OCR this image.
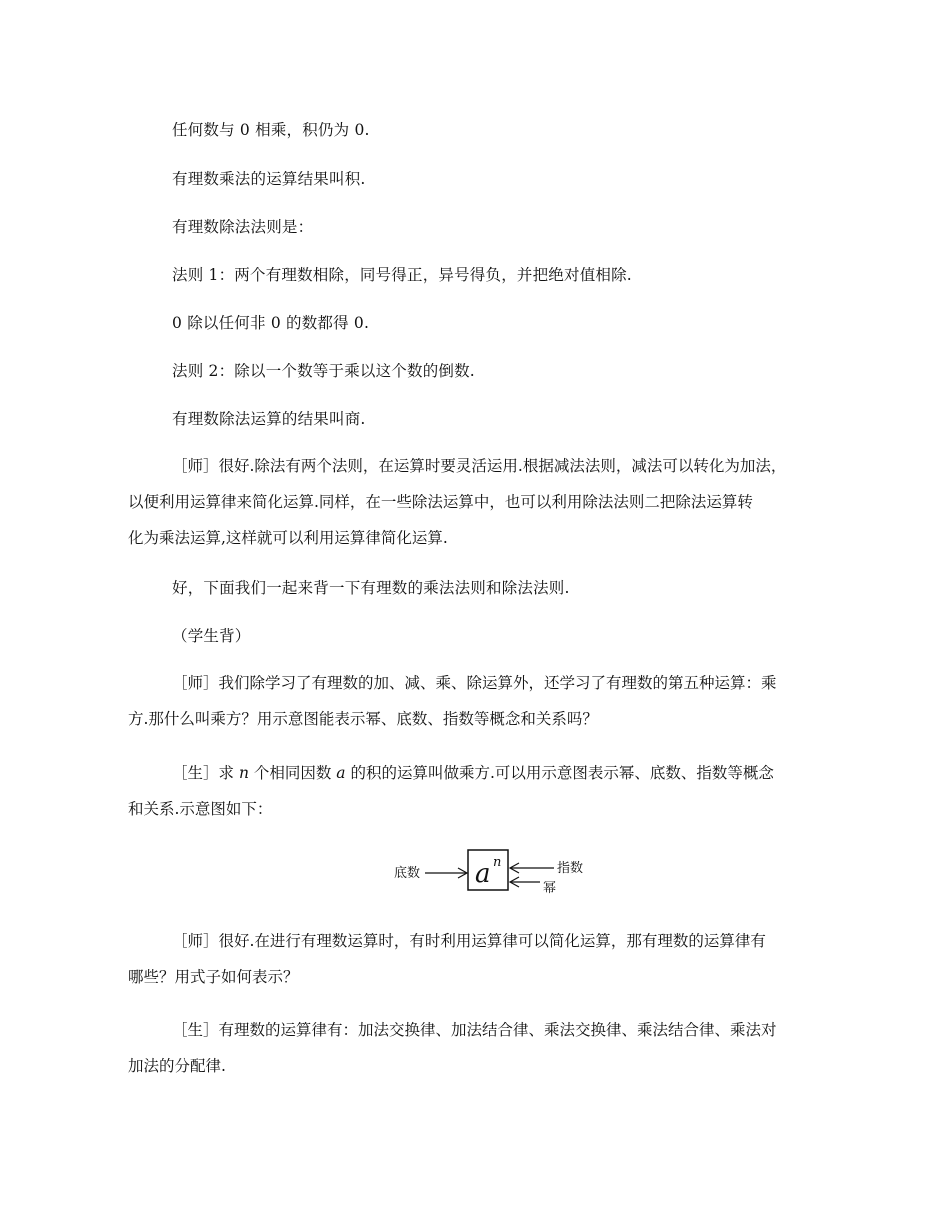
任何数与 0 相乘，积仍为 0.
有理数乘法的运算结果叫积.
有理数除法法则是：
法则 1：两个有理数相除，同号得正，异号得负，并把绝对值相除.
0 除以任何非 0 的数都得 0.
法则 2：除以一个数等于乘以这个数的倒数.
有理数除法运算的结果叫商.
［师］很好.除法有两个法则，在运算时要灵活运用.根据减法法则，减法可以转化为加法，
以便利用运算律来简化运算.同样，在一些除法运算中，也可以利用除法法则二把除法运算转
化为乘法运算,这样就可以利用运算律简化运算.
好，下面我们一起来背一下有理数的乘法法则和除法法则.
（学生背）
［师］我们除学习了有理数的加、减、乘、除运算外，还学习了有理数的第五种运算：乘
方.那什么叫乘方？用示意图能表示幂、底数、指数等概念和关系吗？
［生］求 n 个相同因数 a 的积的运算叫做乘方.可以用示意图表示幂、底数、指数等概念
和关系.示意图如下：
底数 a n	指数
幂
［师］很好.在进行有理数运算时，有时利用运算律可以简化运算，那有理数的运算律有
哪些？用式子如何表示？
［生］有理数的运算律有：加法交换律、加法结合律、乘法交换律、乘法结合律、乘法对
加法的分配律.
